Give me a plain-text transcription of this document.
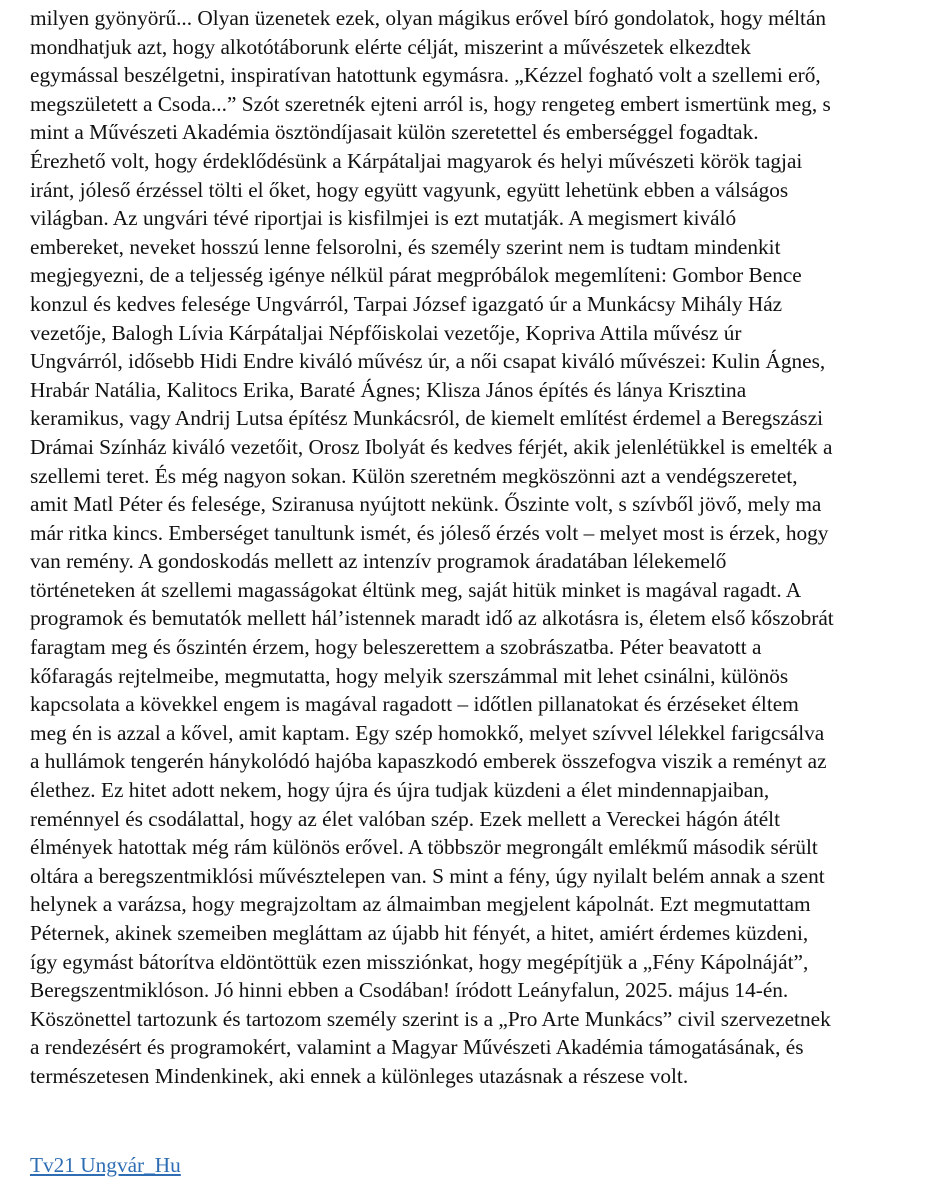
milyen gyönyörű... Olyan üzenetek ezek, olyan mágikus erővel bíró gondolatok, hogy méltán
mondhatjuk azt, hogy alkotótáborunk elérte célját, miszerint a művészetek elkezdtek
egymással beszélgetni, inspiratívan hatottunk egymásra. „Kézzel fogható volt a szellemi erő,
megszületett a Csoda...” Szót szeretnék ejteni arról is, hogy rengeteg embert ismertünk meg, s
mint a Művészeti Akadémia ösztöndíjasait külön szeretettel és emberséggel fogadtak.
Érezhető volt, hogy érdeklődésünk a Kárpátaljai magyarok és helyi művészeti körök tagjai
iránt, jóleső érzéssel tölti el őket, hogy együtt vagyunk, együtt lehetünk ebben a válságos
világban. Az ungvári tévé riportjai is kisfilmjei is ezt mutatják. A megismert kiváló
embereket, neveket hosszú lenne felsorolni, és személy szerint nem is tudtam mindenkit
megjegyezni, de a teljesség igénye nélkül párat megpróbálok megemlíteni: Gombor Bence
konzul és kedves felesége Ungvárról, Tarpai József igazgató úr a Munkácsy Mihály Ház
vezetője, Balogh Lívia Kárpátaljai Népfőiskolai vezetője, Kopriva Attila művész úr
Ungvárról, idősebb Hidi Endre kiváló művész úr, a női csapat kiváló művészei: Kulin Ágnes,
Hrabár Natália, Kalitocs Erika, Baraté Ágnes; Klisza János építés és lánya Krisztina
keramikus, vagy Andrij Lutsa építész Munkácsról, de kiemelt említést érdemel a Beregszászi
Drámai Színház kiváló vezetőit, Orosz Ibolyát és kedves férjét, akik jelenlétükkel is emelték a
szellemi teret. És még nagyon sokan. Külön szeretném megköszönni azt a vendégszeretet,
amit Matl Péter és felesége, Sziranusa nyújtott nekünk. Őszinte volt, s szívből jövő, mely ma
már ritka kincs. Emberséget tanultunk ismét, és jóleső érzés volt – melyet most is érzek, hogy
van remény. A gondoskodás mellett az intenzív programok áradatában lélekemelő
történeteken át szellemi magasságokat éltünk meg, saját hitük minket is magával ragadt. A
programok és bemutatók mellett hál’istennek maradt idő az alkotásra is, életem első kőszobrát
faragtam meg és őszintén érzem, hogy beleszerettem a szobrászatba. Péter beavatott a
kőfaragás rejtelmeibe, megmutatta, hogy melyik szerszámmal mit lehet csinálni, különös
kapcsolata a kövekkel engem is magával ragadott – időtlen pillanatokat és érzéseket éltem
meg én is azzal a kővel, amit kaptam. Egy szép homokkő, melyet szívvel lélekkel farigcsálva
a hullámok tengerén hánykolódó hajóba kapaszkodó emberek összefogva viszik a reményt az
élethez. Ez hitet adott nekem, hogy újra és újra tudjak küzdeni a élet mindennapjaiban,
reménnyel és csodálattal, hogy az élet valóban szép. Ezek mellett a Vereckei hágón átélt
élmények hatottak még rám különös erővel. A többször megrongált emlékmű második sérült
oltára a beregszentmiklósi művésztelepen van. S mint a fény, úgy nyilalt belém annak a szent
helynek a varázsa, hogy megrajzoltam az álmaimban megjelent kápolnát. Ezt megmutattam
Péternek, akinek szemeiben megláttam az újabb hit fényét, a hitet, amiért érdemes küzdeni,
így egymást bátorítva eldöntöttük ezen missziónkat, hogy megépítjük a „Fény Kápolnáját”,
Beregszentmiklóson. Jó hinni ebben a Csodában! íródott Leányfalun, 2025. május 14-én.
Köszönettel tartozunk és tartozom személy szerint is a „Pro Arte Munkács” civil szervezetnek
a rendezésért és programokért, valamint a Magyar Művészeti Akadémia támogatásának, és
természetesen Mindenkinek, aki ennek a különleges utazásnak a részese volt.
Tv21 Ungvár_Hu
